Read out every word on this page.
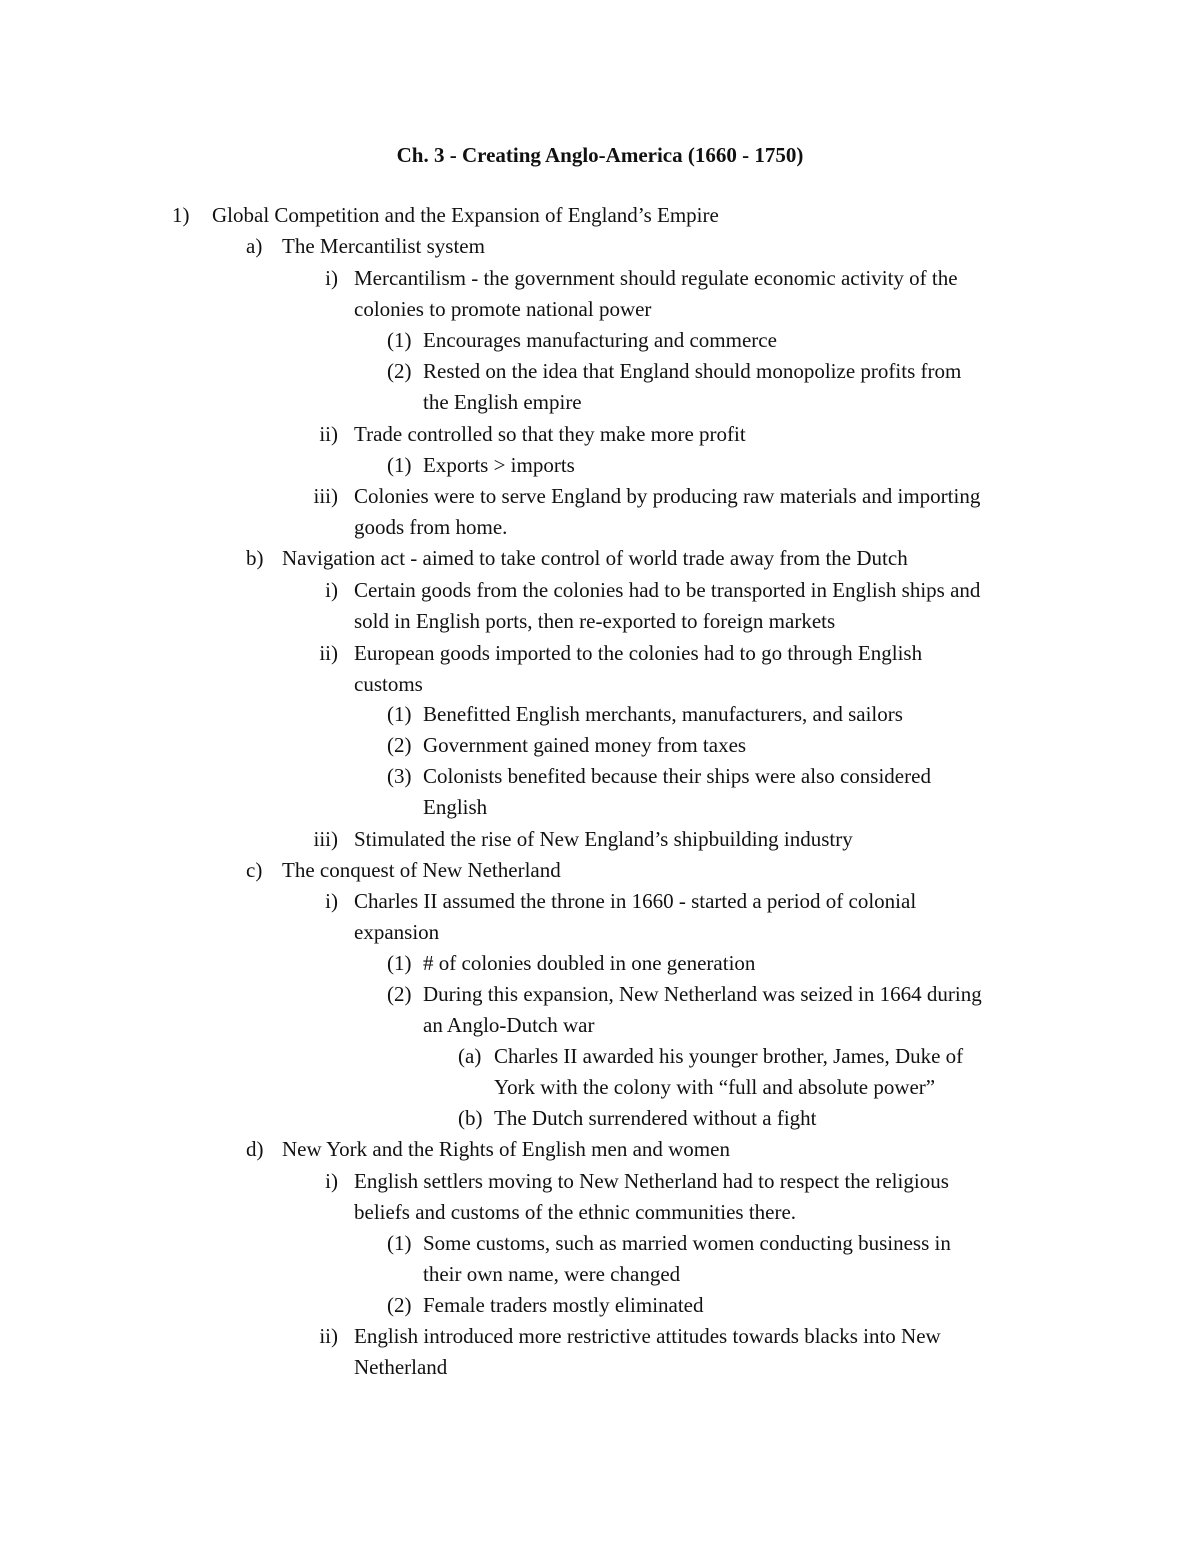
Ch. 3 - Creating Anglo-America (1660 - 1750)
1) Global Competition and the Expansion of England’s Empire
a) The Mercantilist system
i) Mercantilism - the government should regulate economic activity of the
colonies to promote national power
(1) Encourages manufacturing and commerce
(2) Rested on the idea that England should monopolize profits from
the English empire
ii) Trade controlled so that they make more profit
(1) Exports > imports
iii) Colonies were to serve England by producing raw materials and importing
goods from home.
b) Navigation act - aimed to take control of world trade away from the Dutch
i) Certain goods from the colonies had to be transported in English ships and
sold in English ports, then re-exported to foreign markets
ii) European goods imported to the colonies had to go through English
customs
(1) Benefitted English merchants, manufacturers, and sailors
(2) Government gained money from taxes
(3) Colonists benefited because their ships were also considered
English
iii) Stimulated the rise of New England’s shipbuilding industry
c) The conquest of New Netherland
i) Charles II assumed the throne in 1660 - started a period of colonial
expansion
(1) # of colonies doubled in one generation
(2) During this expansion, New Netherland was seized in 1664 during
an Anglo-Dutch war
(a) Charles II awarded his younger brother, James, Duke of
York with the colony with “full and absolute power”
(b) The Dutch surrendered without a fight
d) New York and the Rights of English men and women
i) English settlers moving to New Netherland had to respect the religious
beliefs and customs of the ethnic communities there.
(1) Some customs, such as married women conducting business in
their own name, were changed
(2) Female traders mostly eliminated
ii) English introduced more restrictive attitudes towards blacks into New
Netherland
